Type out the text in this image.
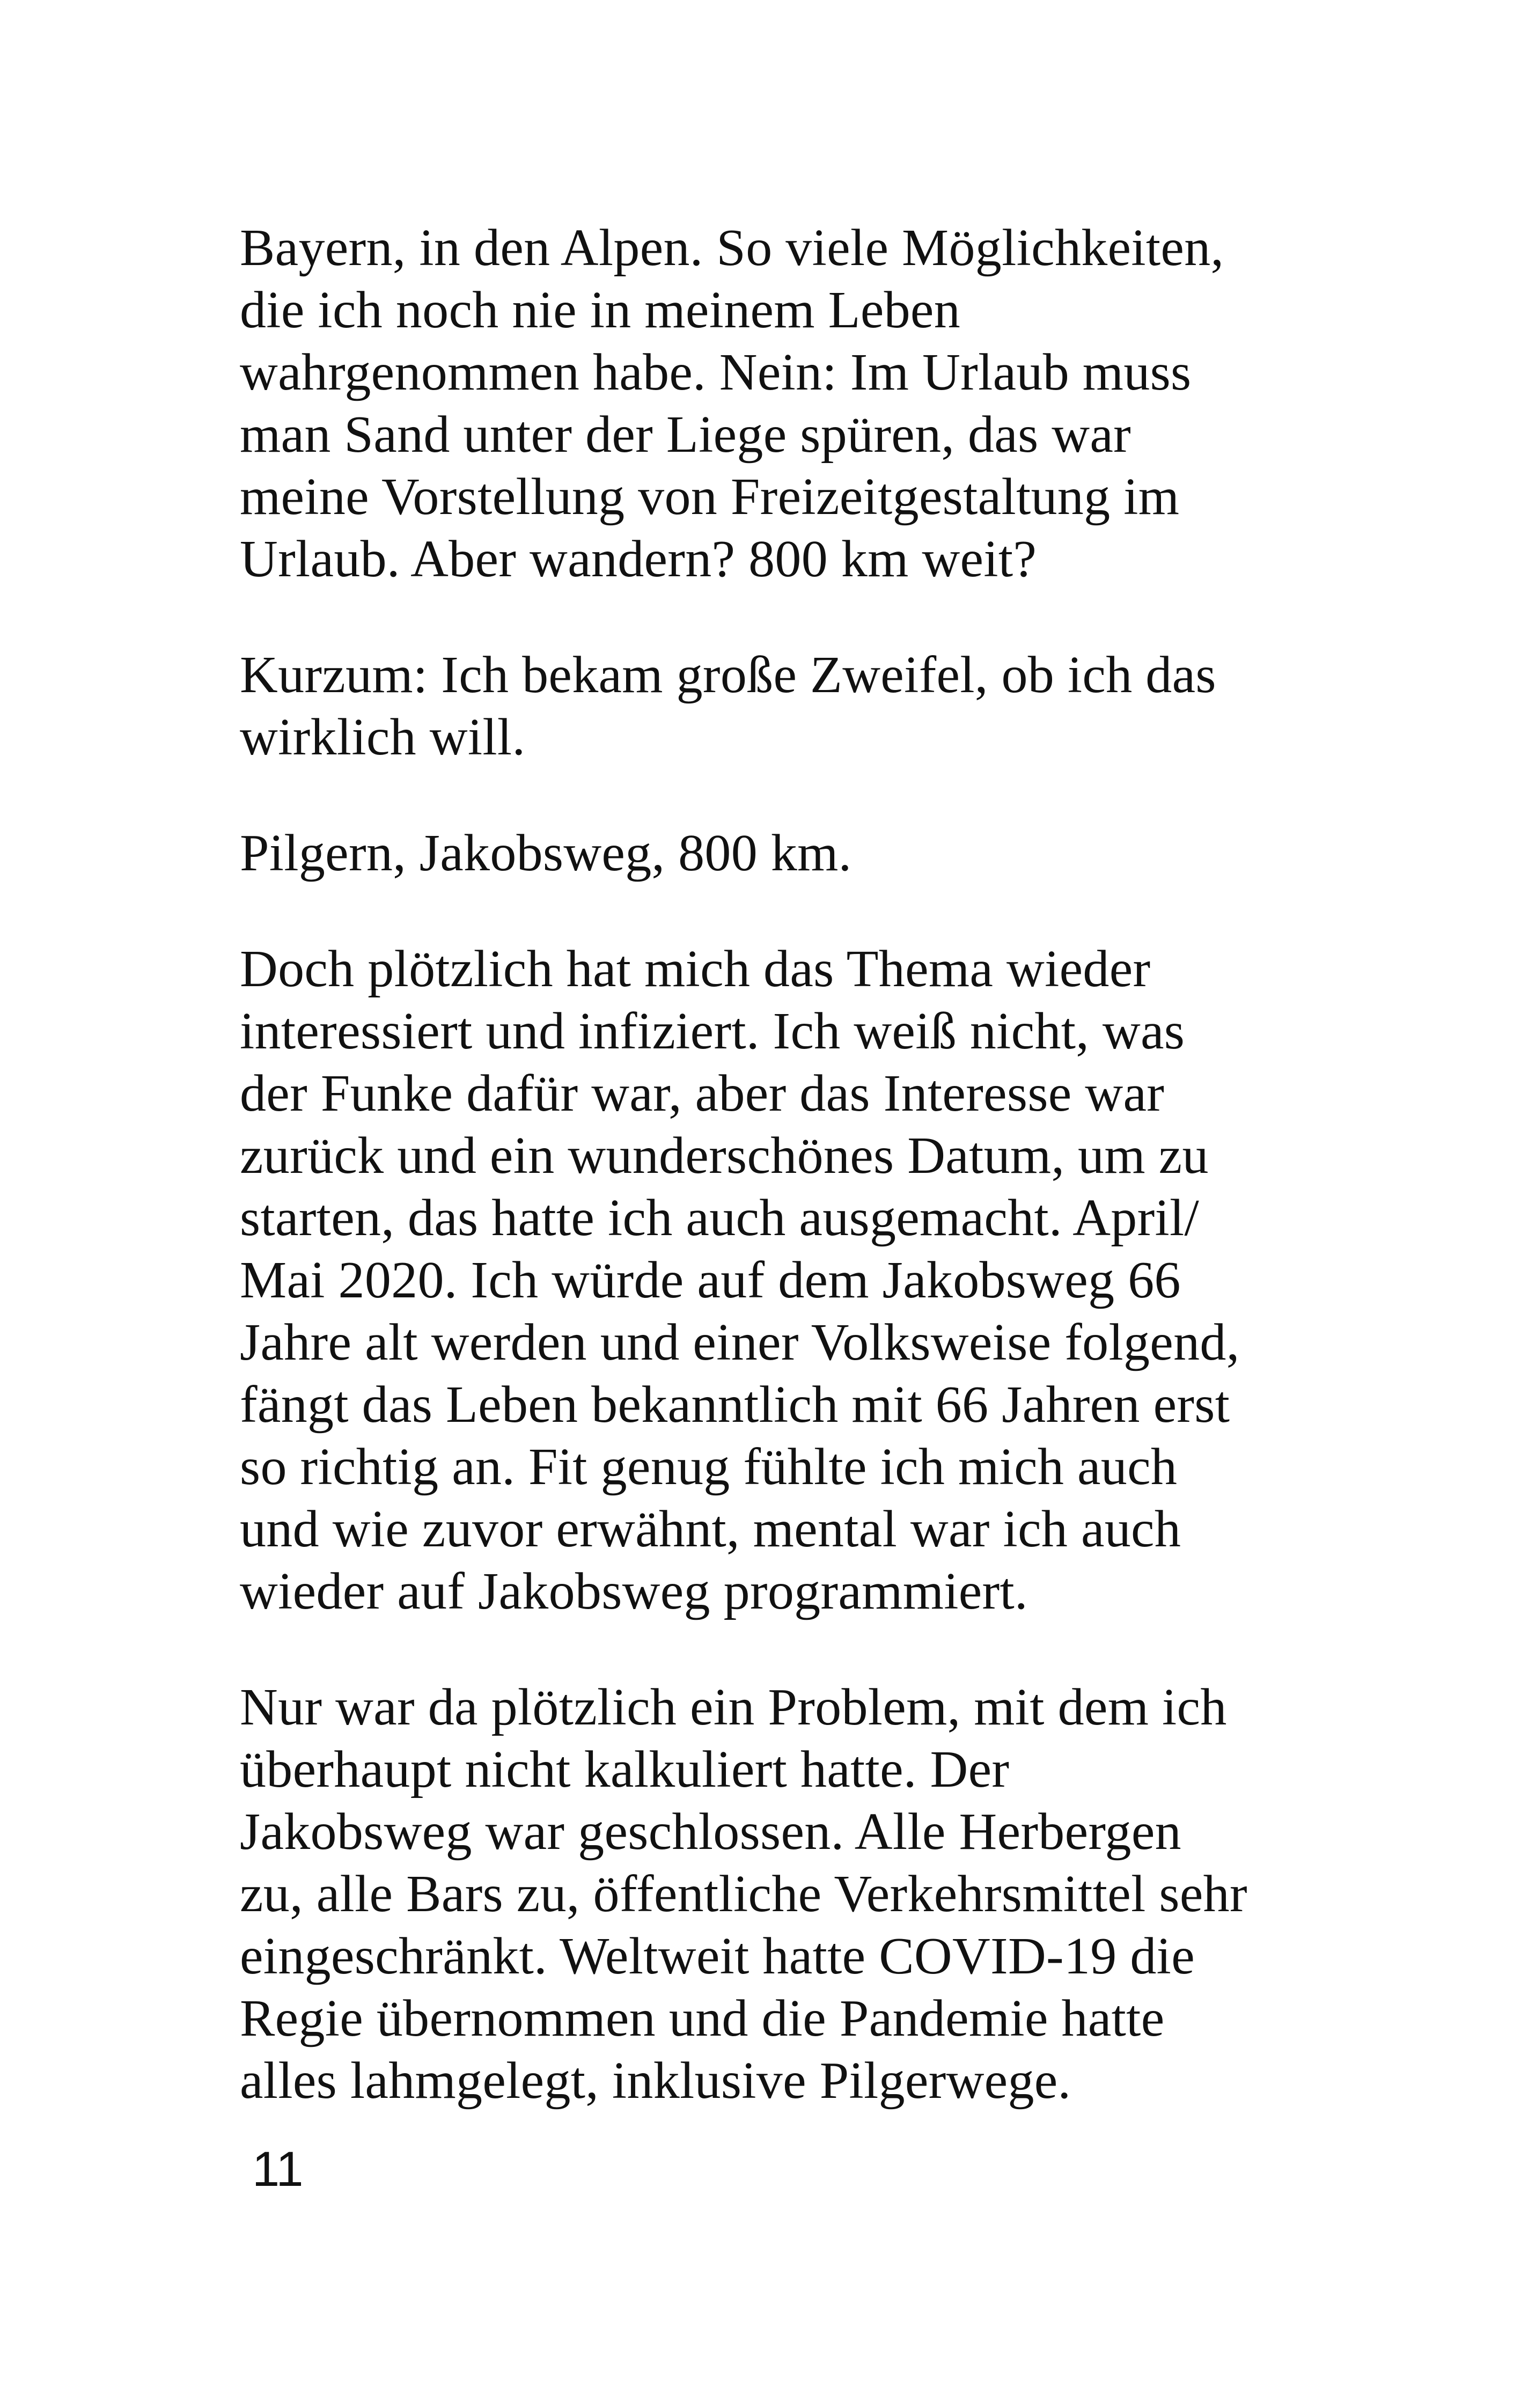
Bayern, in den Alpen. So viele Möglichkeiten,
die ich noch nie in meinem Leben
wahrgenommen habe. Nein: Im Urlaub muss
man Sand unter der Liege spüren, das war
meine Vorstellung von Freizeitgestaltung im
Urlaub. Aber wandern? 800 km weit?

Kurzum: Ich bekam große Zweifel, ob ich das
wirklich will.

Pilgern, Jakobsweg, 800 km.

Doch plötzlich hat mich das Thema wieder
interessiert und infiziert. Ich weiß nicht, was
der Funke dafür war, aber das Interesse war
zurück und ein wunderschönes Datum, um zu
starten, das hatte ich auch ausgemacht. April/
Mai 2020. Ich würde auf dem Jakobsweg 66
Jahre alt werden und einer Volksweise folgend,
fängt das Leben bekanntlich mit 66 Jahren erst
so richtig an. Fit genug fühlte ich mich auch
und wie zuvor erwähnt, mental war ich auch
wieder auf Jakobsweg programmiert.

Nur war da plötzlich ein Problem, mit dem ich
überhaupt nicht kalkuliert hatte. Der
Jakobsweg war geschlossen. Alle Herbergen
zu, alle Bars zu, öffentliche Verkehrsmittel sehr
eingeschränkt. Weltweit hatte COVID-19 die
Regie übernommen und die Pandemie hatte
alles lahmgelegt, inklusive Pilgerwege.

11
